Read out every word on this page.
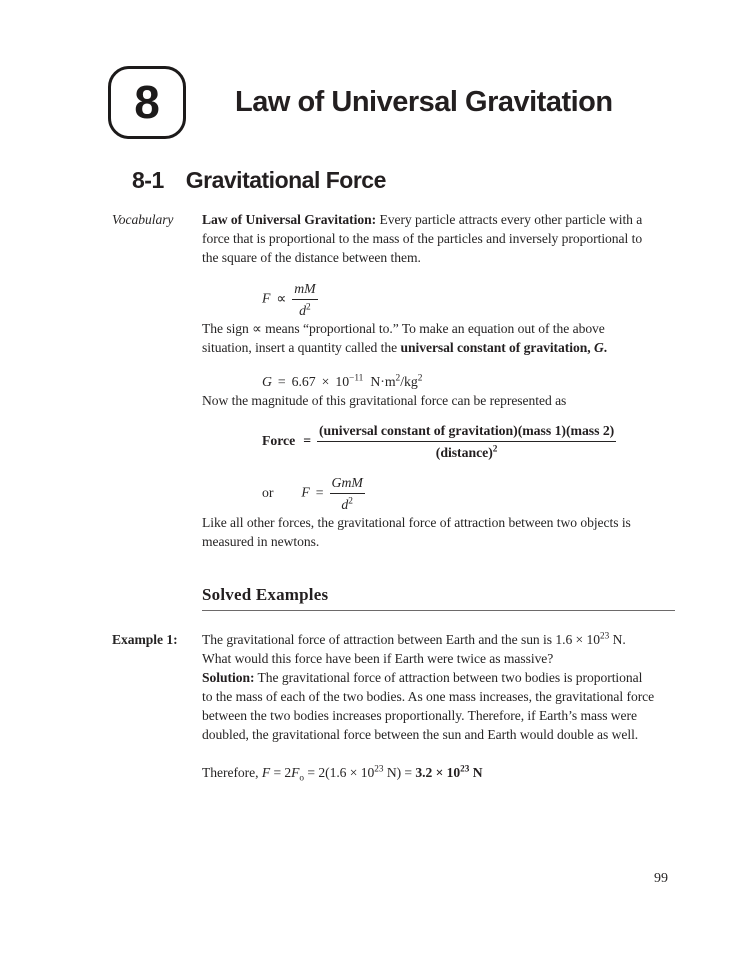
8	Law of Universal Gravitation
8-1 Gravitational Force
Vocabulary	Law of Universal Gravitation: Every particle attracts every other particle with a force that is proportional to the mass of the particles and inversely proportional to the square of the distance between them.

$F \propto \frac{mM}{d^2}$

The sign ∝ means “proportional to.” To make an equation out of the above situation, insert a quantity called the universal constant of gravitation, G.

$G = 6.67 \times 10^{-11}$ $N\cdot m^2/kg^2$

Now the magnitude of this gravitational force can be represented as

Force = $\frac{\text{(universal constant of gravitation)(mass 1)(mass 2)}}{(distance)^2}$
or $F = \frac{\text{GmM}}{d^2}$

Like all other forces, the gravitational force of attraction between two objects is measured in newtons.

Solved Examples
Example 1:	The gravitational force of attraction between Earth and the sun is $1.6 \times 10^{23}$ N. What would this force have been if Earth were twice as massive?

Solution: The gravitational force of attraction between two bodies is proportional to the mass of each of the two bodies. As one mass increases, the gravitational force between the two bodies increases proportionally. Therefore, if Earth’s mass were doubled, the gravitational force between the sun and Earth would double as well.

Therefore, $F = 2F_o = 2(1.6 \times 10^{23}$ $N) = 3.2 \times 10^{23}$ N
99
